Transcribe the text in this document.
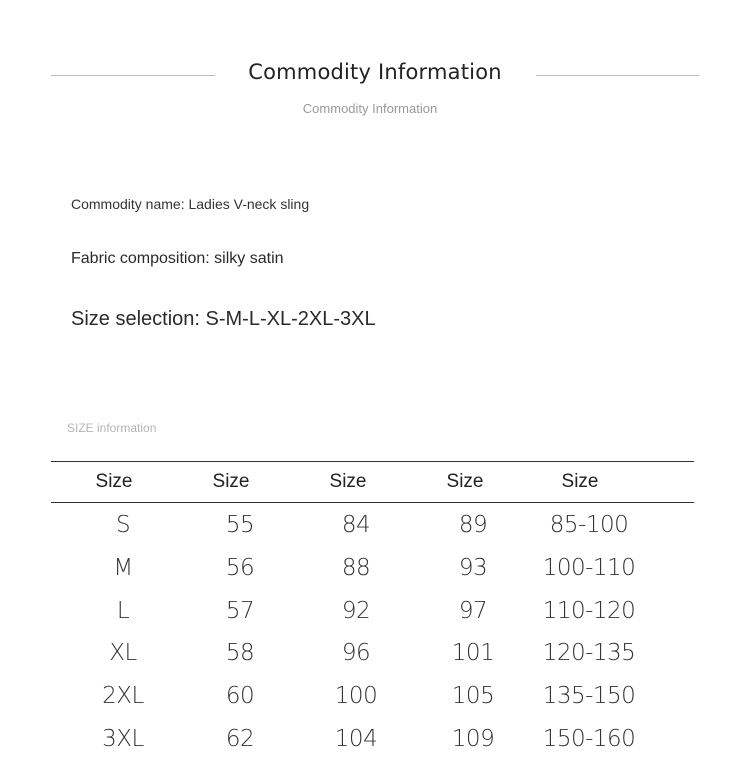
Commodity Information
Commodity Information
Commodity name: Ladies V-neck sling
Fabric composition: silky satin
Size selection: S-M-L-XL-2XL-3XL
SIZE information
Size	Size	Size	Size	Size
S	55	84	89	85-100
M	56	88	93	100-110
L	57	92	97	110-120
XL	58	96	101	120-135
2XL	60	100	105	135-150
3XL	62	104	109	150-160
